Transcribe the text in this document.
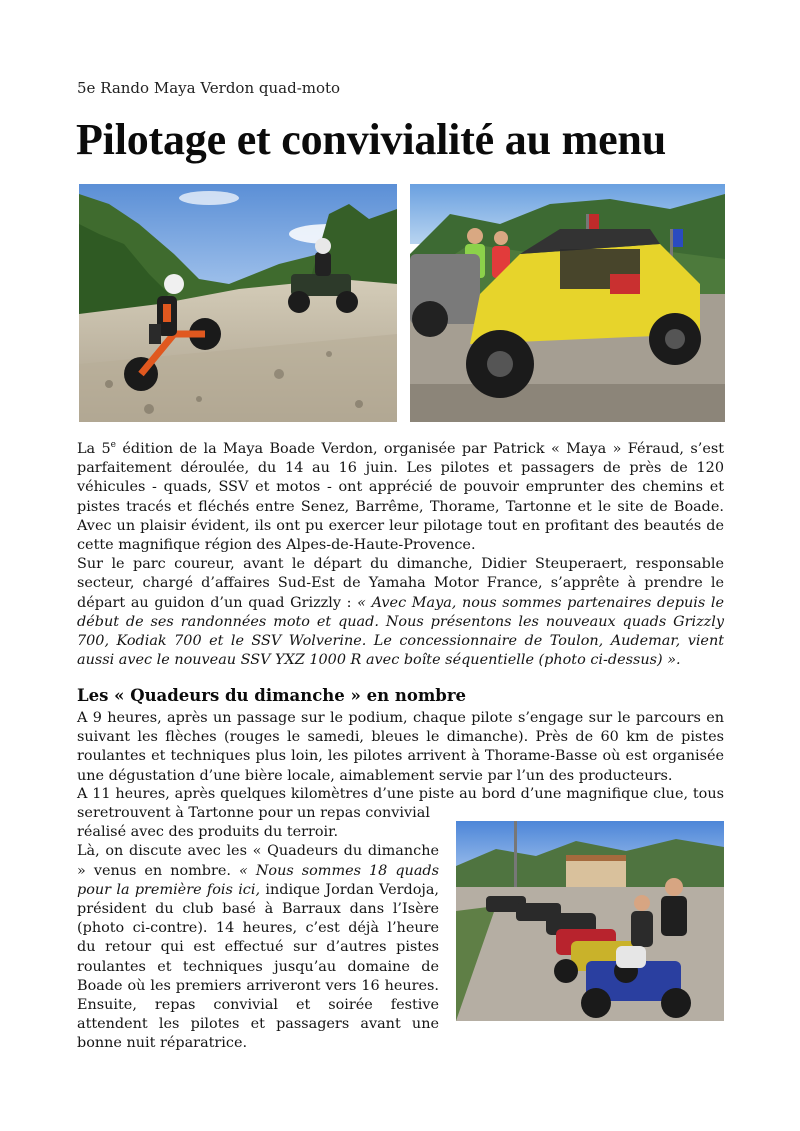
5e Rando Maya Verdon quad-moto
Pilotage et convivialité au menu

La 5e édition de la Maya Boade Verdon, organisée par Patrick « Maya » Féraud, s’est parfaitement déroulée, du 14 au 16 juin. Les pilotes et passagers de près de 120 véhicules - quads, SSV et motos - ont apprécié de pouvoir emprunter des chemins et pistes tracés et fléchés entre Senez, Barrême, Thorame, Tartonne et le site de Boade. Avec un plaisir évident, ils ont pu exercer leur pilotage tout en profitant des beautés de cette magnifique région des Alpes-de-Haute-Provence.

Sur le parc coureur, avant le départ du dimanche, Didier Steuperaert, responsable secteur, chargé d’affaires Sud-Est de Yamaha Motor France, s’apprête à prendre le départ au guidon d’un quad Grizzly : « Avec Maya, nous sommes partenaires depuis le début de ses randonnées moto et quad. Nous présentons les nouveaux quads Grizzly 700, Kodiak 700 et le SSV Wolverine. Le concessionnaire de Toulon, Audemar, vient aussi avec le nouveau SSV YXZ 1000 R avec boîte séquentielle (photo ci-dessus) ».

Les « Quadeurs du dimanche » en nombre

A 9 heures, après un passage sur le podium, chaque pilote s’engage sur le parcours en suivant les flèches (rouges le samedi, bleues le dimanche). Près de 60 km de pistes roulantes et techniques plus loin, les pilotes arrivent à Thorame-Basse où est organisée une dégustation d’une bière locale, aimablement servie par l’un des producteurs.

A 11 heures, après quelques kilomètres d’une piste au bord d’une magnifique clue, tous se retrouvent à Tartonne pour un repas convivial

réalisé avec des produits du terroir.

Là, on discute avec les « Quadeurs du dimanche » venus en nombre. « Nous sommes 18 quads pour la première fois ici, indique Jordan Verdoja, président du club basé à Barraux dans l’Isère (photo ci-contre). 14 heures, c’est déjà l’heure du retour qui est effectué sur d’autres pistes roulantes et techniques jusqu’au domaine de Boade où les premiers arriveront vers 16 heures. Ensuite, repas convivial et soirée festive attendent les pilotes et passagers avant une bonne nuit réparatrice.
